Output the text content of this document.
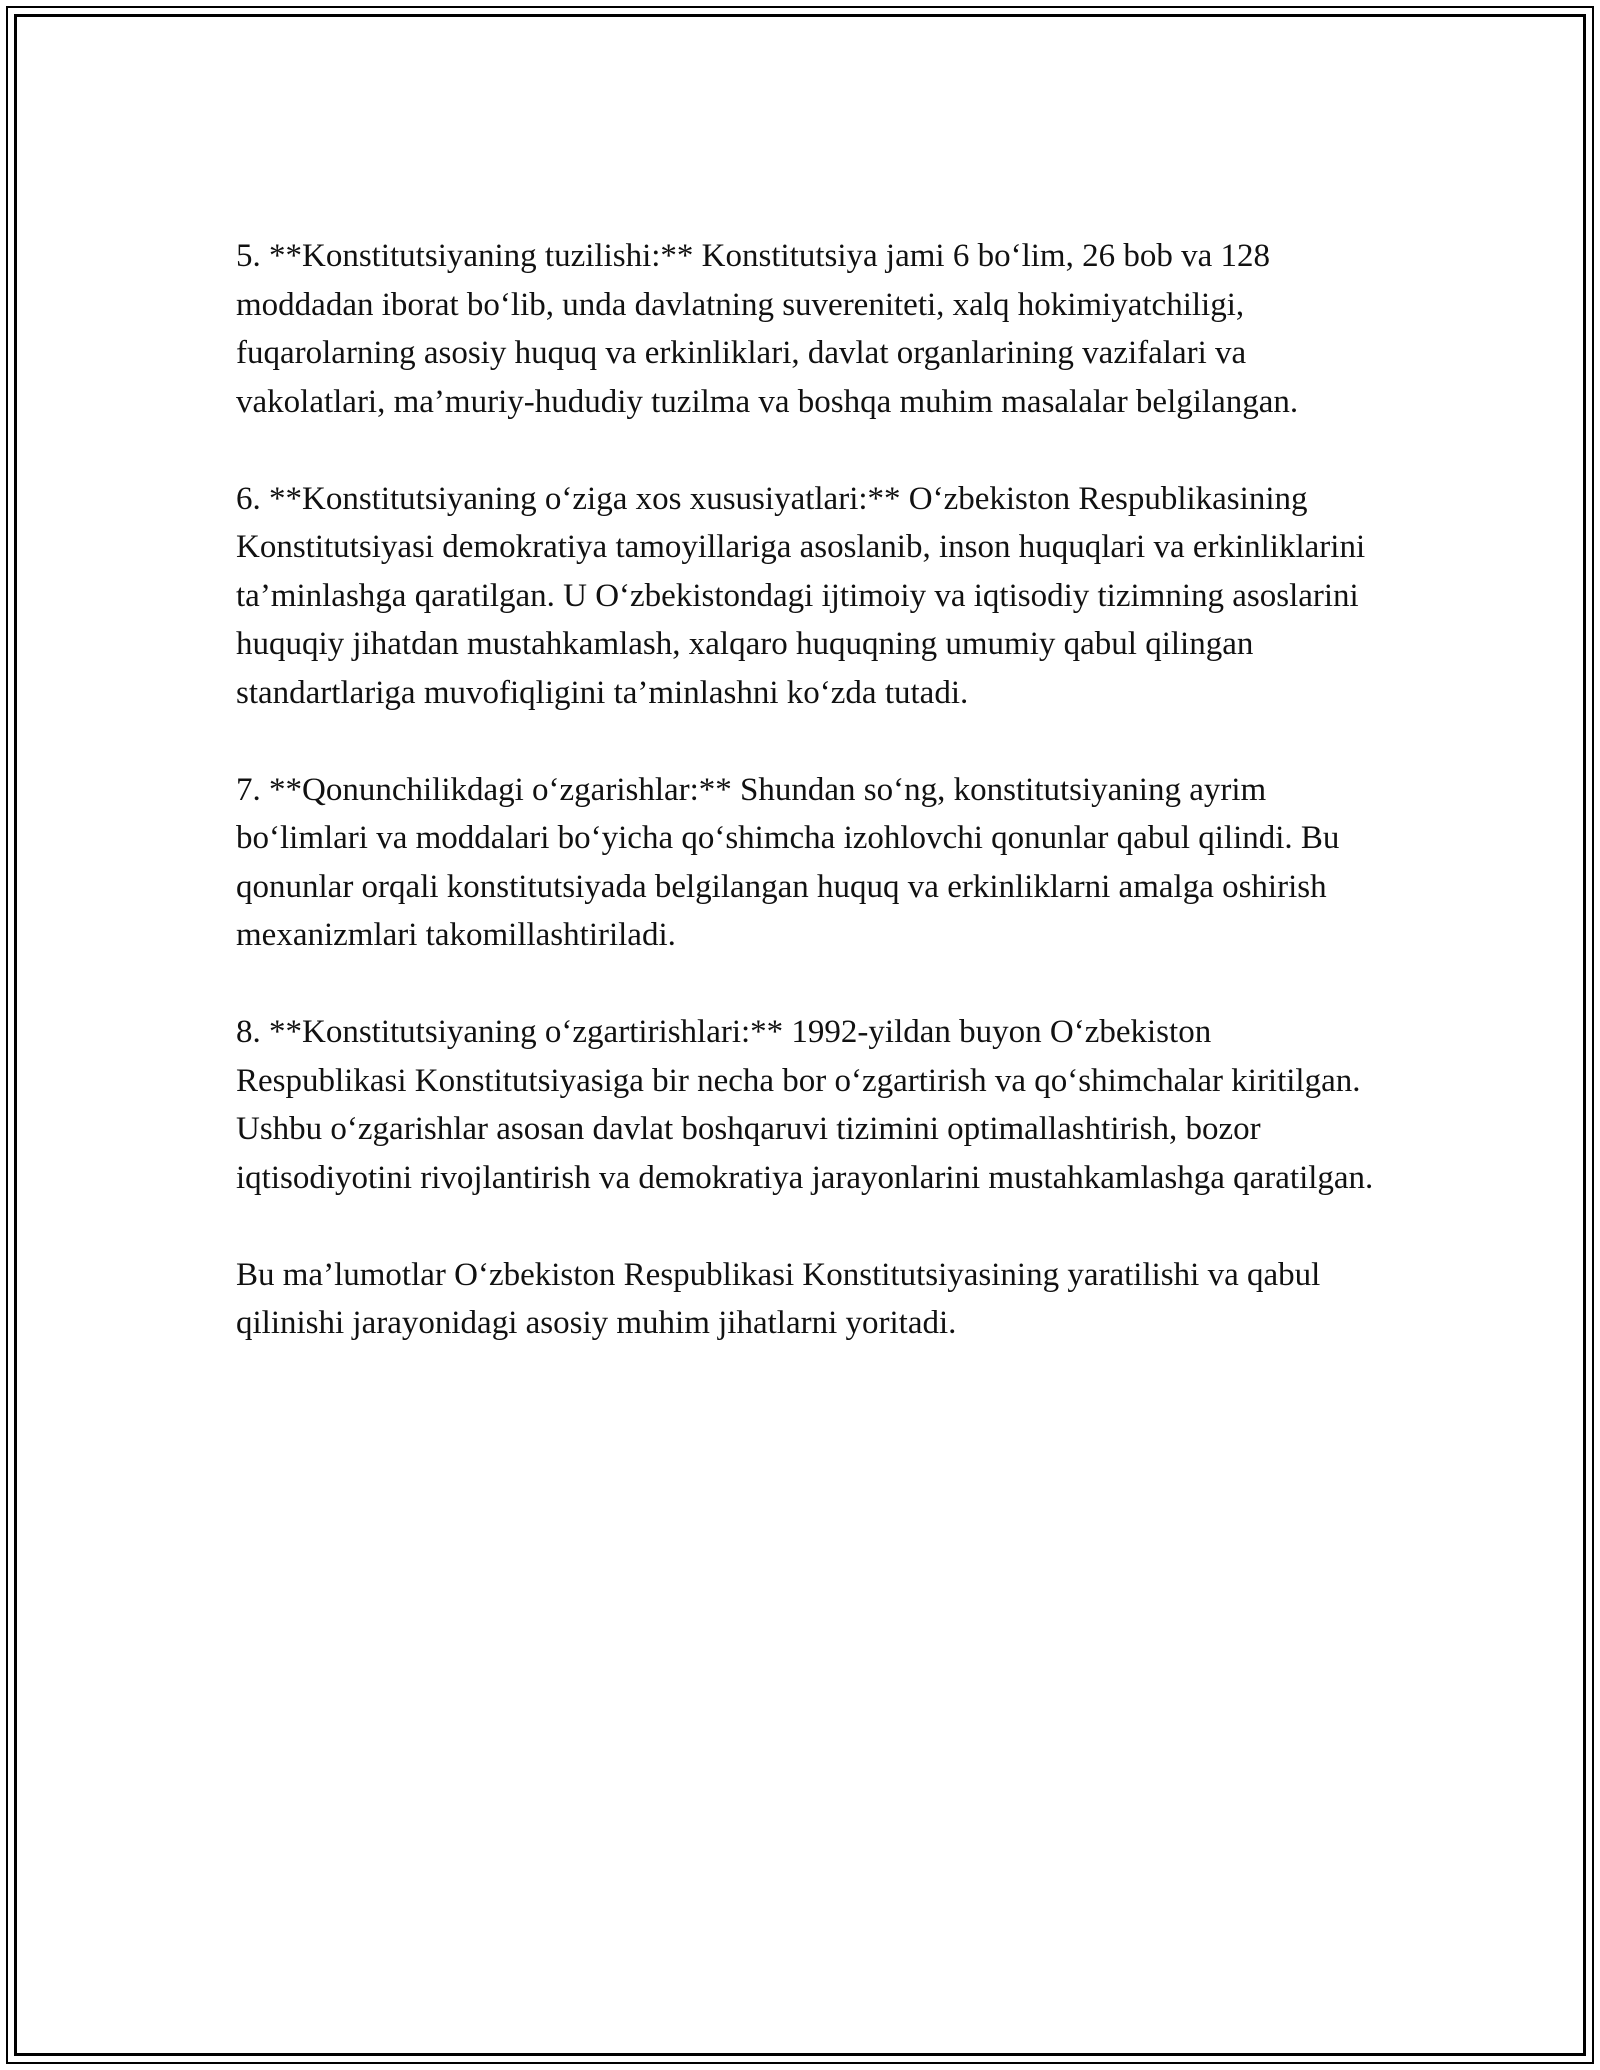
5. **Konstitutsiyaning tuzilishi:** Konstitutsiya jami 6 bo‘lim, 26 bob va 128 moddadan iborat bo‘lib, unda davlatning suvereniteti, xalq hokimiyatchiligi, fuqarolarning asosiy huquq va erkinliklari, davlat organlarining vazifalari va vakolatlari, ma’muriy-hududiy tuzilma va boshqa muhim masalalar belgilangan.

6. **Konstitutsiyaning o‘ziga xos xususiyatlari:** O‘zbekiston Respublikasining Konstitutsiyasi demokratiya tamoyillariga asoslanib, inson huquqlari va erkinliklarini ta’minlashga qaratilgan. U O‘zbekistondagi ijtimoiy va iqtisodiy tizimning asoslarini huquqiy jihatdan mustahkamlash, xalqaro huquqning umumiy qabul qilingan standartlariga muvofiqligini ta’minlashni ko‘zda tutadi.

7. **Qonunchilikdagi o‘zgarishlar:** Shundan so‘ng, konstitutsiyaning ayrim bo‘limlari va moddalari bo‘yicha qo‘shimcha izohlovchi qonunlar qabul qilindi. Bu qonunlar orqali konstitutsiyada belgilangan huquq va erkinliklarni amalga oshirish mexanizmlari takomillashtiriladi.

8. **Konstitutsiyaning o‘zgartirishlari:** 1992-yildan buyon O‘zbekiston Respublikasi Konstitutsiyasiga bir necha bor o‘zgartirish va qo‘shimchalar kiritilgan. Ushbu o‘zgarishlar asosan davlat boshqaruvi tizimini optimallashtirish, bozor iqtisodiyotini rivojlantirish va demokratiya jarayonlarini mustahkamlashga qaratilgan.

Bu ma’lumotlar O‘zbekiston Respublikasi Konstitutsiyasining yaratilishi va qabul qilinishi jarayonidagi asosiy muhim jihatlarni yoritadi.
